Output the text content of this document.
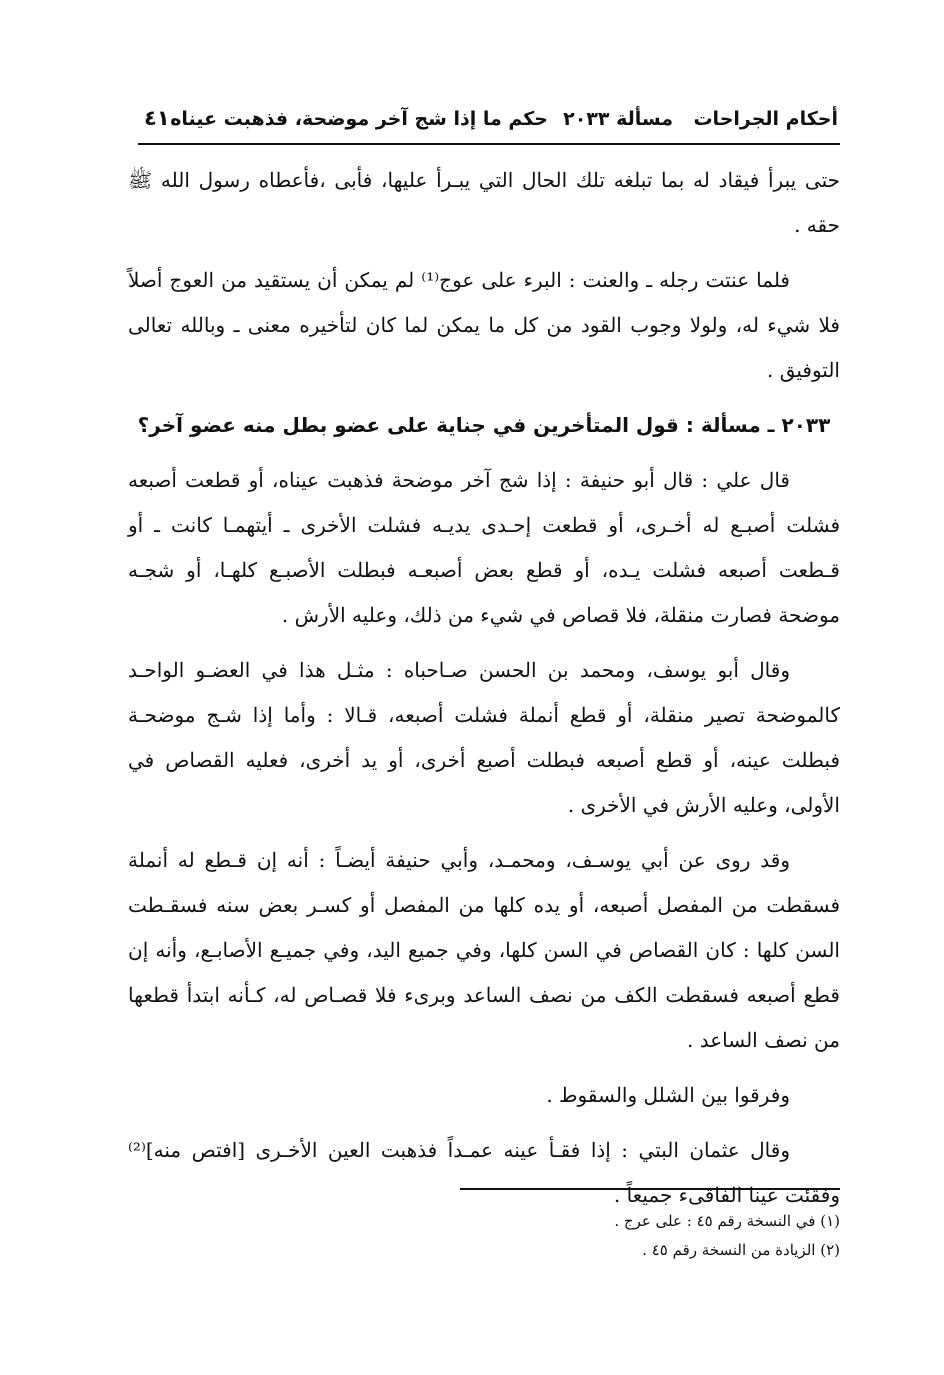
أحكام الجراحات
مسألة ٢٠٣٣
حكم ما إذا شج آخر موضحة، فذهبت عيناه
٤١

حتى يبرأ فيقاد له بما تبلغه تلك الحال التي يبـرأ عليها، فأبى ،فأعطاه رسول الله ﷺ حقه .

فلما عنتت رجله ـ والعنت : البرء على عوج⁽¹⁾ لم يمكن أن يستقيد من العوج أصلاً فلا شيء له، ولولا وجوب القود من كل ما يمكن لما كان لتأخيره معنى ـ وبالله تعالى التوفيق .

٢٠٣٣ ـ مسألة : قول المتأخرين في جناية على عضو بطل منه عضو آخر؟

قال علي : قال أبو حنيفة : إذا شج آخر موضحة فذهبت عيناه، أو قطعت أصبعه فشلت أصبـع له أخـرى، أو قطعت إحـدى يديـه فشلت الأخرى ـ أيتهمـا كانت ـ أو قـطعت أصبعه فشلت يـده، أو قطع بعض أصبعـه فبطلت الأصبـع كلهـا، أو شجـه موضحة فصارت منقلة، فلا قصاص في شيء من ذلك، وعليه الأرش .

وقال أبو يوسف، ومحمد بن الحسن صـاحباه : مثـل هذا في العضـو الواحـد كالموضحة تصير منقلة، أو قطع أنملة فشلت أصبعه، قـالا : وأما إذا شـج موضحـة فبطلت عينه، أو قطع أصبعه فبطلت أصبع أخرى، أو يد أخرى، فعليه القصاص في الأولى، وعليه الأرش في الأخرى .

وقد روى عن أبي يوسـف، ومحمـد، وأبي حنيفة أيضـاً : أنه إن قـطع له أنملة فسقطت من المفصل أصبعه، أو يده كلها من المفصل أو كسـر بعض سنه فسقـطت السن كلها : كان القصاص في السن كلها، وفي جميع اليد، وفي جميـع الأصابـع، وأنه إن قطع أصبعه فسقطت الكف من نصف الساعد وبرىء فلا قصـاص له، كـأنه ابتدأ قطعها من نصف الساعد .

وفرقوا بين الشلل والسقوط .

وقال عثمان البتي : إذا فقـأ عينه عمـداً فذهبت العين الأخـرى [افتص منه]⁽²⁾ وفقئت عينا الفاقىء جميعاً .

(١) في النسخة رقم ٤٥ : على عرج .
(٢) الزيادة من النسخة رقم ٤٥ .
